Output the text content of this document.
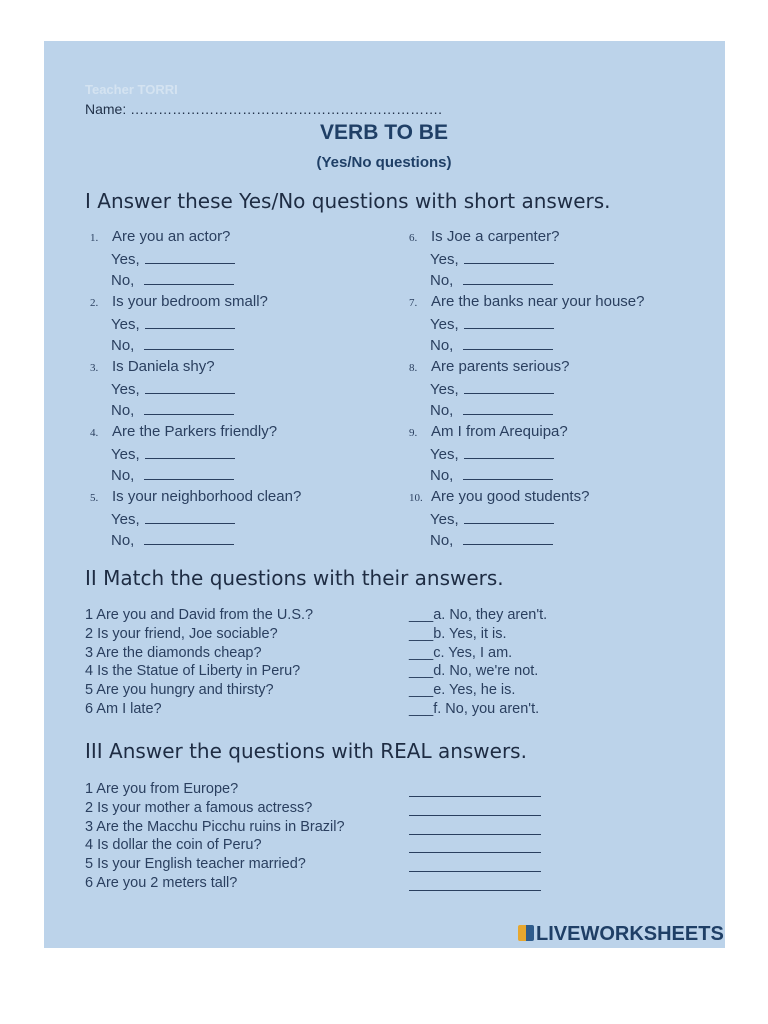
Teacher TORRI
Name: ………………………………………………………….
VERB TO BE
(Yes/No questions)
I Answer these Yes/No questions with short answers.
1. Are you an actor?
Yes,
No,
2. Is your bedroom small?
Yes,
No,
3. Is Daniela shy?
Yes,
No,
4. Are the Parkers friendly?
Yes,
No,
5. Is your neighborhood clean?
Yes,
No,
6. Is Joe a carpenter?
Yes,
No,
7. Are the banks near your house?
Yes,
No,
8. Are parents serious?
Yes,
No,
9. Am I from Arequipa?
Yes,
No,
10. Are you good students?
Yes,
No,
II Match the questions with their answers.
1 Are you and David from the U.S.?	___a. No, they aren't.
2 Is your friend, Joe sociable?	___b. Yes, it is.
3 Are the diamonds cheap?	___c. Yes, I am.
4 Is the Statue of Liberty in Peru?	___d. No, we're not.
5 Are you hungry and thirsty?	___e. Yes, he is.
6 Am I late?	___f. No, you aren't.
III Answer the questions with REAL answers.
1 Are you from Europe?
2 Is your mother a famous actress?
3 Are the Macchu Picchu ruins in Brazil?
4 Is dollar the coin of Peru?
5 Is your English teacher married?
6 Are you 2 meters tall?
LIVEWORKSHEETS
